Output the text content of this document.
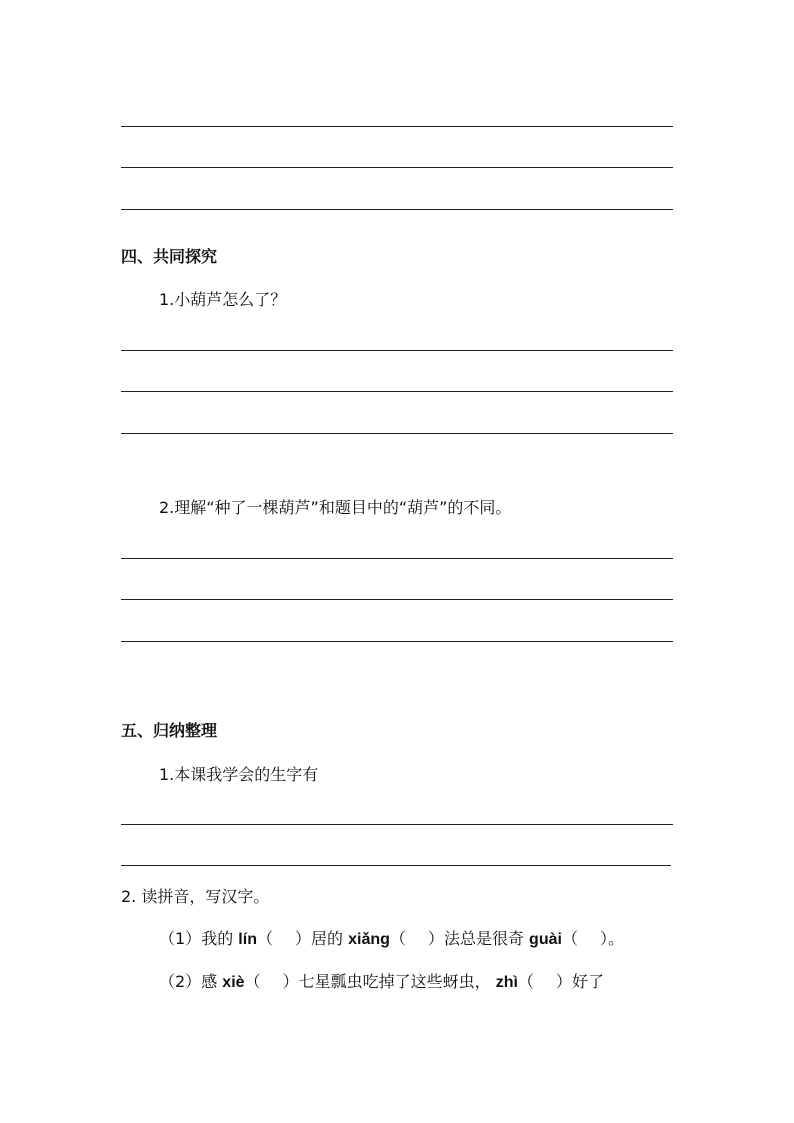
四、共同探究
1.小葫芦怎么了？
2.理解“种了一棵葫芦”和题目中的“葫芦”的不同。
五、归纳整理
1.本课我学会的生字有
2. 读拼音，写汉字。
（1）我的 lín（ ）居的 xiǎng（ ）法总是很奇 guài（ ）。
（2）感 xiè（ ）七星瓢虫吃掉了这些蚜虫， zhì（ ）好了
